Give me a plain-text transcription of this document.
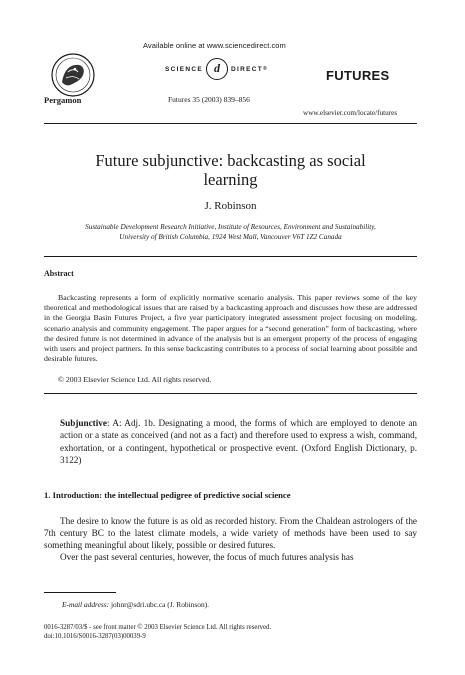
Pergamon
Available online at www.sciencedirect.com
SCIENCE d	DIRECT ®
Futures 35 (2003) 839–856
FUTURES
www.elsevier.com/locate/futures
Future subjunctive: backcasting as social
learning
J. Robinson
Sustainable Development Research Initiative, Institute of Resources, Environment and Sustainability,
University of British Columbia, 1924 West Mall, Vancouver V6T 1Z2 Canada
Abstract
Backcasting represents a form of explicitly normative scenario analysis. This paper reviews some of the key theoretical and methodological issues that are raised by a backcasting approach and discusses how these are addressed in the Georgia Basin Futures Project, a five year participatory integrated assessment project focusing on modeling, scenario analysis and community engagement. The paper argues for a “second generation” form of backcasting, where the desired future is not determined in advance of the analysis but is an emergent property of the process of engaging with users and project partners. In this sense backcasting contributes to a process of social learning about possible and desirable futures.
© 2003 Elsevier Science Ltd. All rights reserved.
Subjunctive: A: Adj. 1b. Designating a mood, the forms of which are employed to denote an action or a state as conceived (and not as a fact) and therefore used to express a wish, command, exhortation, or a contingent, hypothetical or prospective event. (Oxford English Dictionary, p. 3122)
1. Introduction: the intellectual pedigree of predictive social science
The desire to know the future is as old as recorded history. From the Chaldean astrologers of the 7th century BC to the latest climate models, a wide variety of methods have been used to say something meaningful about likely, possible or desired futures.
Over the past several centuries, however, the focus of much futures analysis has
E-mail address: johnr@sdri.ubc.ca (J. Robinson).
0016-3287/03/$ - see front matter © 2003 Elsevier Science Ltd. All rights reserved.
doi:10.1016/S0016-3287(03)00039-9
